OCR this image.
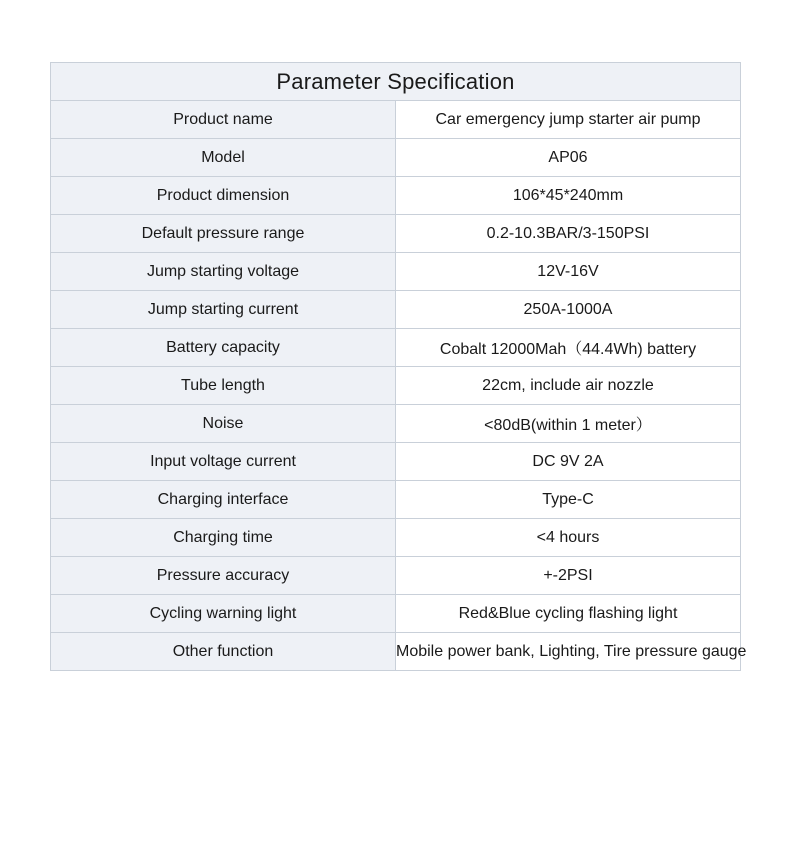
Parameter Specification	
Product name	Car emergency jump starter air pump
Model	AP06
Product dimension	106*45*240mm
Default pressure range	0.2-10.3BAR/3-150PSI
Jump starting voltage	12V-16V
Jump starting current	250A-1000A
Battery capacity	Cobalt 12000Mah（44.4Wh) battery
Tube length	22cm, include air nozzle
Noise	<80dB(within 1 meter）
Input voltage current	DC 9V 2A
Charging interface	Type-C
Charging time	<4 hours
Pressure accuracy	+-2PSI
Cycling warning light	Red&Blue cycling flashing light
Other function	Mobile power bank, Lighting, Tire pressure gauge
